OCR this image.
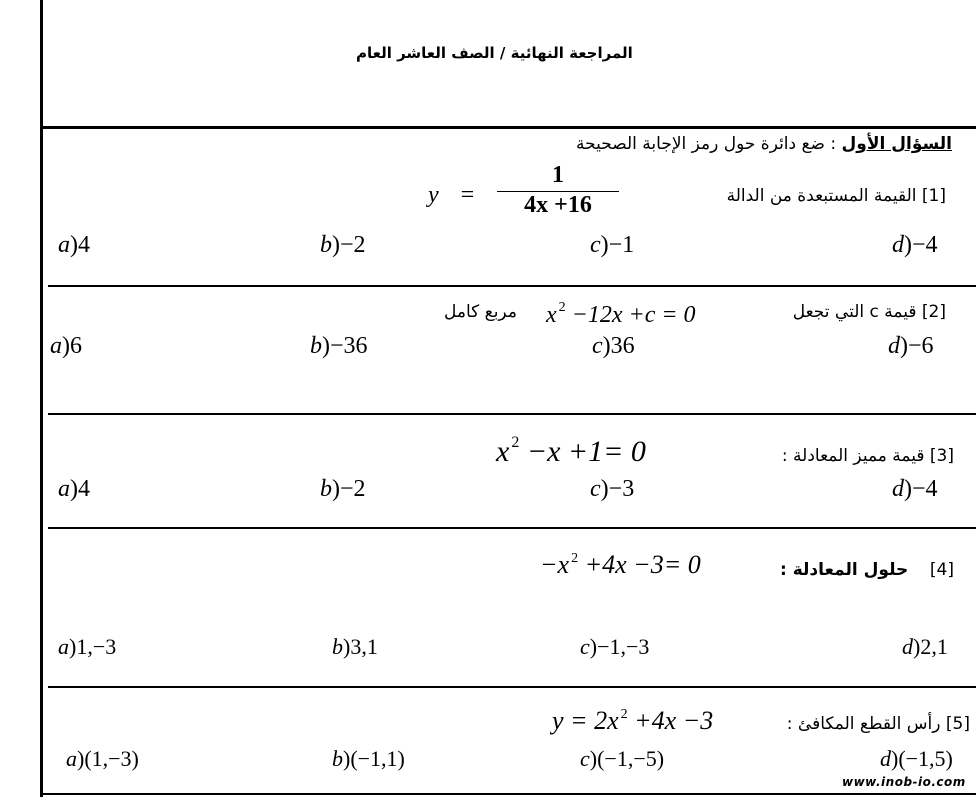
المراجعة النهائية / الصف العاشر العام
السؤال الأول : ضع دائرة حول رمز الإجابة الصحيحة
[1] القيمة المستبعدة من الدالة
y =
1
4x +16
a)4	b)−2	c)−1	d)−4
[2] قيمة c التي تجعل
x $^2$ −12x +c = 0
مربع كامل
a)6	b)−36	c)36	d)−6
[3] قيمة مميز المعادلة :
x $^2$ −x +1= 0
a)4	b)−2	c)−3	d)−4
[4]    حلول المعادلة :
−x $^2$ +4x −3= 0
a)1,−3	b)3,1	c)−1,−3	d)2,1
[5] رأس القطع المكافئ :
y = 2x $^2$ +4x −3
a)(1,−3)	b)(−1,1)	c)(−1,−5)	d)(−1,5)
www.inob-io.com
